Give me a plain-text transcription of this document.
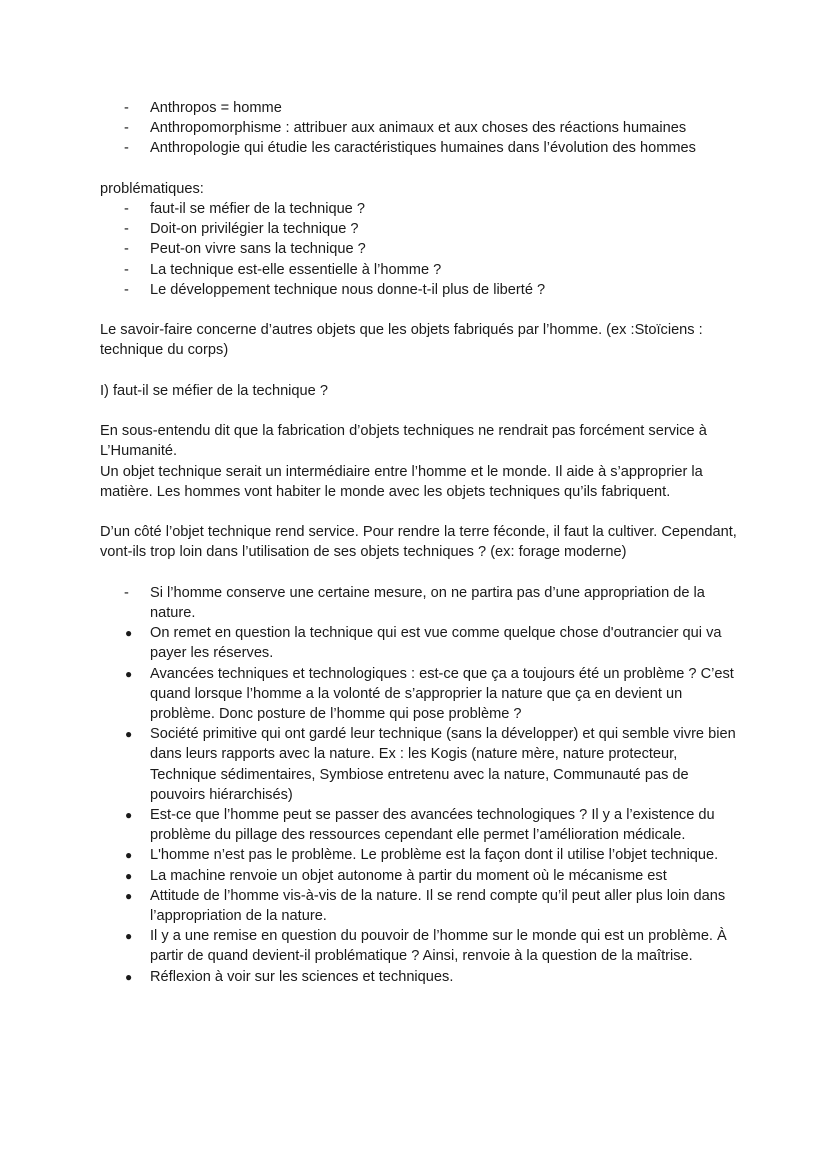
-	Anthropos = homme
-	Anthropomorphisme : attribuer aux animaux et aux choses des réactions humaines
-	Anthropologie qui étudie les caractéristiques humaines dans l’évolution des hommes

problématiques:

-	faut-il se méfier de la technique ?
-	Doit-on privilégier la technique ?
-	Peut-on vivre sans la technique ?
-	La technique est-elle essentielle à l’homme ?
-	Le développement technique nous donne-t-il plus de liberté ?

Le savoir-faire concerne d’autres objets que les objets fabriqués par l’homme. (ex :Stoïciens : technique du corps)

I) faut-il se méfier de la technique ?

En sous-entendu dit que la fabrication d’objets techniques ne rendrait pas forcément service à L’Humanité.

Un objet technique serait un intermédiaire entre l’homme et le monde. Il aide à s’approprier la matière. Les hommes vont habiter le monde avec les objets techniques qu’ils fabriquent.

D’un côté l’objet technique rend service. Pour rendre la terre féconde, il faut la cultiver. Cependant, vont-ils trop loin dans l’utilisation de ses objets techniques ? (ex: forage moderne)

-	Si l’homme conserve une certaine mesure, on ne partira pas d’une appropriation de la nature.
●	On remet en question la technique qui est vue comme quelque chose d'outrancier qui va payer les réserves.
●	Avancées techniques et technologiques : est-ce que ça a toujours été un problème ? C’est quand lorsque l’homme a la volonté de s’approprier la nature que ça en devient un problème. Donc posture de l’homme qui pose problème ?
●	Société primitive qui ont gardé leur technique (sans la développer) et qui semble vivre bien dans leurs rapports avec la nature. Ex : les Kogis (nature mère, nature protecteur, Technique sédimentaires, Symbiose entretenu avec la nature, Communauté pas de pouvoirs hiérarchisés)
●	Est-ce que l’homme peut se passer des avancées technologiques ? Il y a l’existence du problème du pillage des ressources cependant elle permet l’amélioration médicale.
●	L'homme n’est pas le problème. Le problème est la façon dont il utilise l’objet technique.
●	La machine renvoie un objet autonome à partir du moment où le mécanisme est
●	Attitude de l’homme vis-à-vis de la nature. Il se rend compte qu’il peut aller plus loin dans l’appropriation de la nature.
●	Il y a une remise en question du pouvoir de l’homme sur le monde qui est un problème. À partir de quand devient-il problématique ? Ainsi, renvoie à la question de la maîtrise.
●	Réflexion à voir sur les sciences et techniques.
